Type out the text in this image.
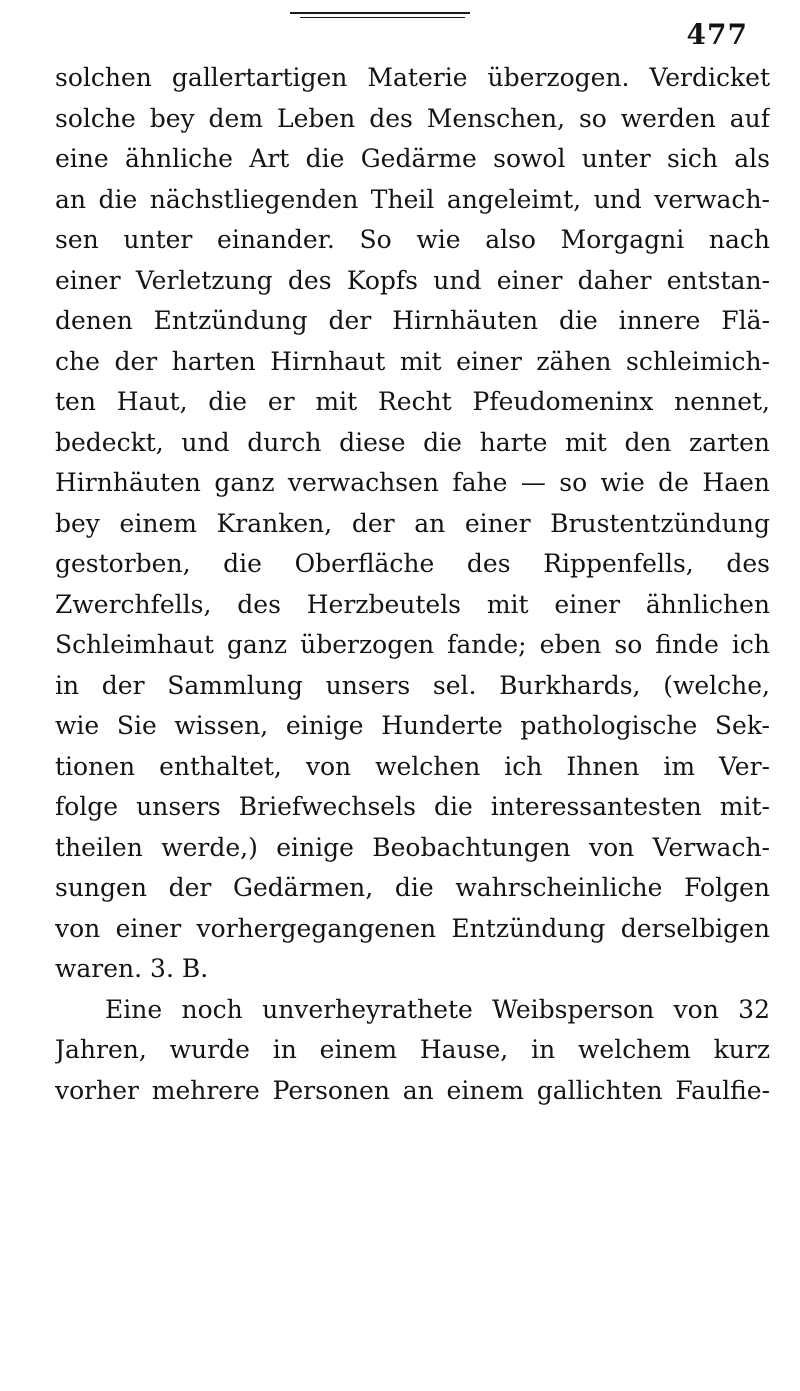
477
solchen gallertartigen Materie überzogen. Verdicket
solche bey dem Leben des Menschen, so werden auf
eine ähnliche Art die Gedärme sowol unter sich als
an die nächstliegenden Theil angeleimt, und verwach-
sen unter einander. So wie also Morgagni nach
einer Verletzung des Kopfs und einer daher entstan-
denen Entzündung der Hirnhäuten die innere Flä-
che der harten Hirnhaut mit einer zähen schleimich-
ten Haut, die er mit Recht Pfeudomeninx nennet,
bedeckt, und durch diese die harte mit den zarten
Hirnhäuten ganz verwachsen fahe — so wie de Haen
bey einem Kranken, der an einer Brustentzündung
gestorben, die Oberfläche des Rippenfells, des
Zwerchfells, des Herzbeutels mit einer ähnlichen
Schleimhaut ganz überzogen fande; eben so finde ich
in der Sammlung unsers sel. Burkhards, (welche,
wie Sie wissen, einige Hunderte pathologische Sek-
tionen enthaltet, von welchen ich Ihnen im Ver-
folge unsers Briefwechsels die interessantesten mit-
theilen werde,) einige Beobachtungen von Verwach-
sungen der Gedärmen, die wahrscheinliche Folgen
von einer vorhergegangenen Entzündung derselbigen
waren. 3. B.
Eine noch unverheyrathete Weibsperson von 32
Jahren, wurde in einem Hause, in welchem kurz
vorher mehrere Personen an einem gallichten Faulfie-
